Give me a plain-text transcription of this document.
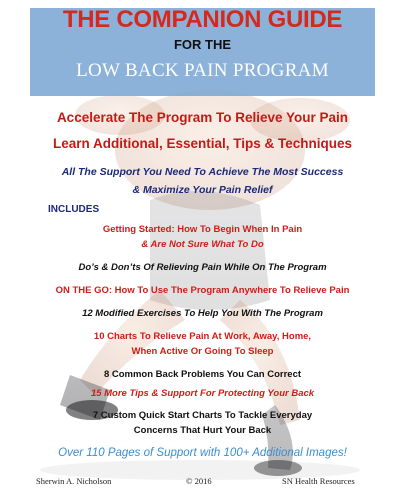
THE COMPANION GUIDE
FOR THE
LOW BACK PAIN PROGRAM
Accelerate The Program To Relieve Your Pain
Learn Additional, Essential, Tips & Techniques
All The Support You Need To Achieve The Most Success
& Maximize Your Pain Relief
INCLUDES
Getting Started: How To Begin When In Pain
& Are Not Sure What To Do
Do’s & Don’ts Of Relieving Pain While On The Program
ON THE GO: How To Use The Program Anywhere To Relieve Pain
12 Modified Exercises To Help You With The Program
10 Charts To Relieve Pain At Work, Away, Home,
When Active Or Going To Sleep
8 Common Back Problems You Can Correct
15 More Tips & Support For Protecting Your Back
7 Custom Quick Start Charts To Tackle Everyday
Concerns That Hurt Your Back
Over 110 Pages of Support with 100+ Additional Images!
Sherwin A. Nicholson	© 2016	SN Health Resources
